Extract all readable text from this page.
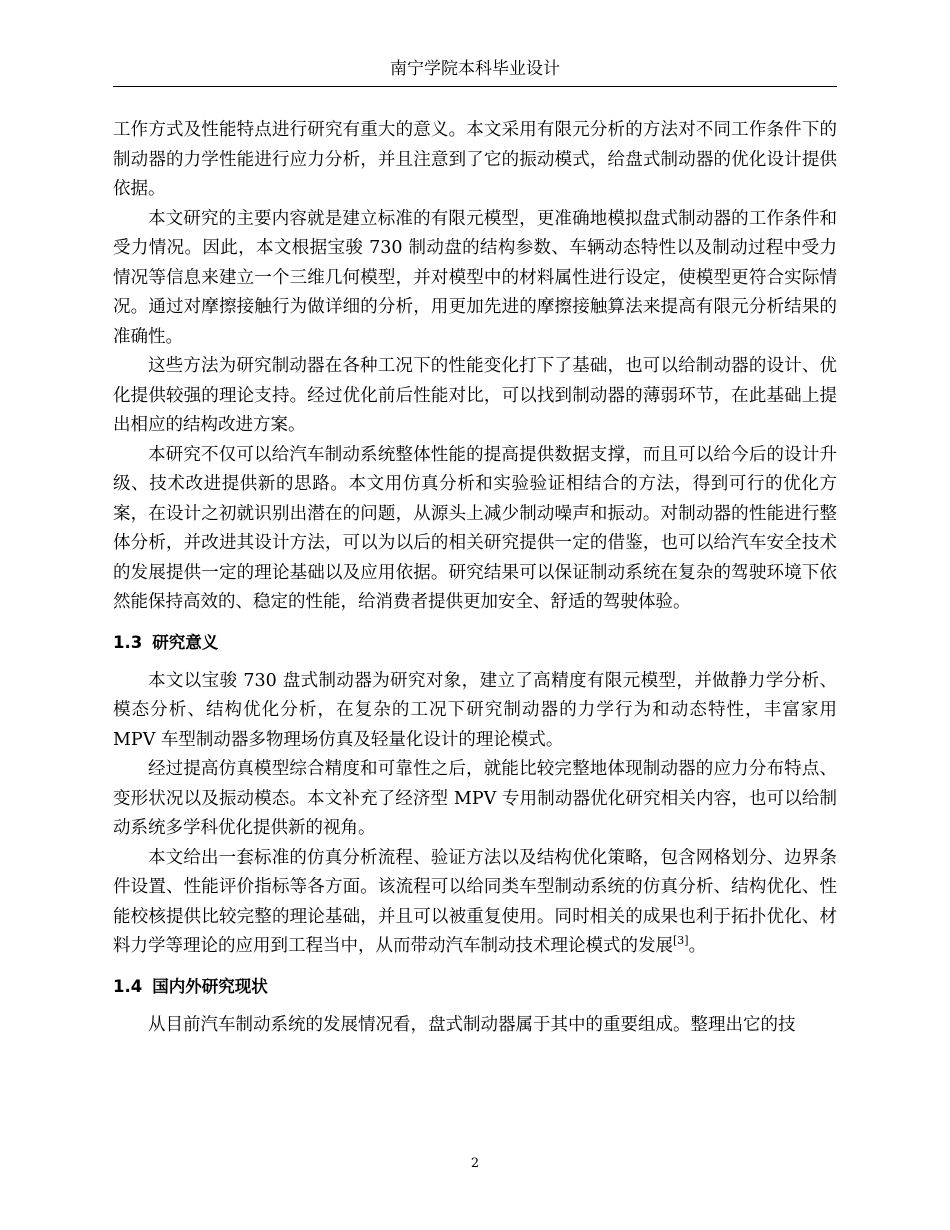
南宁学院本科毕业设计

工作方式及性能特点进行研究有重大的意义。本文采用有限元分析的方法对不同工作条件下的制动器的力学性能进行应力分析，并且注意到了它的振动模式，给盘式制动器的优化设计提供依据。

本文研究的主要内容就是建立标准的有限元模型，更准确地模拟盘式制动器的工作条件和受力情况。因此，本文根据宝骏 730 制动盘的结构参数、车辆动态特性以及制动过程中受力情况等信息来建立一个三维几何模型，并对模型中的材料属性进行设定，使模型更符合实际情况。通过对摩擦接触行为做详细的分析，用更加先进的摩擦接触算法来提高有限元分析结果的准确性。

这些方法为研究制动器在各种工况下的性能变化打下了基础，也可以给制动器的设计、优化提供较强的理论支持。经过优化前后性能对比，可以找到制动器的薄弱环节，在此基础上提出相应的结构改进方案。

本研究不仅可以给汽车制动系统整体性能的提高提供数据支撑，而且可以给今后的设计升级、技术改进提供新的思路。本文用仿真分析和实验验证相结合的方法，得到可行的优化方案，在设计之初就识别出潜在的问题，从源头上减少制动噪声和振动。对制动器的性能进行整体分析，并改进其设计方法，可以为以后的相关研究提供一定的借鉴，也可以给汽车安全技术的发展提供一定的理论基础以及应用依据。研究结果可以保证制动系统在复杂的驾驶环境下依然能保持高效的、稳定的性能，给消费者提供更加安全、舒适的驾驶体验。

1.3 研究意义

本文以宝骏 730 盘式制动器为研究对象，建立了高精度有限元模型，并做静力学分析、模态分析、结构优化分析，在复杂的工况下研究制动器的力学行为和动态特性，丰富家用 MPV 车型制动器多物理场仿真及轻量化设计的理论模式。

经过提高仿真模型综合精度和可靠性之后，就能比较完整地体现制动器的应力分布特点、变形状况以及振动模态。本文补充了经济型 MPV 专用制动器优化研究相关内容，也可以给制动系统多学科优化提供新的视角。

本文给出一套标准的仿真分析流程、验证方法以及结构优化策略，包含网格划分、边界条件设置、性能评价指标等各方面。该流程可以给同类车型制动系统的仿真分析、结构优化、性能校核提供比较完整的理论基础，并且可以被重复使用。同时相关的成果也利于拓扑优化、材料力学等理论的应用到工程当中，从而带动汽车制动技术理论模式的发展[3]。

1.4 国内外研究现状

从目前汽车制动系统的发展情况看，盘式制动器属于其中的重要组成。整理出它的技

2
